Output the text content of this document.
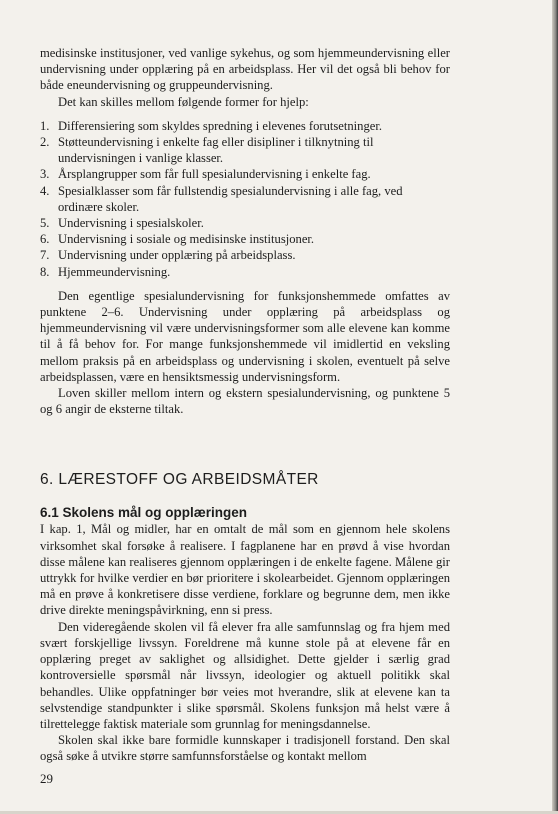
medisinske institusjoner, ved vanlige sykehus, og som hjemmeundervisning eller undervisning under opplæring på en arbeidsplass. Her vil det også bli behov for både eneundervisning og gruppeundervisning.

Det kan skilles mellom følgende former for hjelp:

1. Differensiering som skyldes spredning i elevenes forutsetninger.
2. Støtteundervisning i enkelte fag eller disipliner i tilknytning til undervisningen i vanlige klasser.
3. Årsplangrupper som får full spesialundervisning i enkelte fag.
4. Spesialklasser som får fullstendig spesialundervisning i alle fag, ved ordinære skoler.
5. Undervisning i spesialskoler.
6. Undervisning i sosiale og medisinske institusjoner.
7. Undervisning under opplæring på arbeidsplass.
8. Hjemmeundervisning.

Den egentlige spesialundervisning for funksjonshemmede omfattes av punktene 2–6. Undervisning under opplæring på arbeidsplass og hjemmeundervisning vil være undervisningsformer som alle elevene kan komme til å få behov for. For mange funksjonshemmede vil imidlertid en veksling mellom praksis på en arbeidsplass og undervisning i skolen, eventuelt på selve arbeidsplassen, være en hensiktsmessig undervisningsform.

Loven skiller mellom intern og ekstern spesialundervisning, og punktene 5 og 6 angir de eksterne tiltak.

6. LÆRESTOFF OG ARBEIDSMÅTER
6.1 Skolens mål og opplæringen

I kap. 1, Mål og midler, har en omtalt de mål som en gjennom hele skolens virksomhet skal forsøke å realisere. I fagplanene har en prøvd å vise hvordan disse målene kan realiseres gjennom opplæringen i de enkelte fagene. Målene gir uttrykk for hvilke verdier en bør prioritere i skolearbeidet. Gjennom opplæringen må en prøve å konkretisere disse verdiene, forklare og begrunne dem, men ikke drive direkte meningspåvirkning, enn si press.

Den videregående skolen vil få elever fra alle samfunnslag og fra hjem med svært forskjellige livssyn. Foreldrene må kunne stole på at elevene får en opplæring preget av saklighet og allsidighet. Dette gjelder i særlig grad kontroversielle spørsmål når livssyn, ideologier og aktuell politikk skal behandles. Ulike oppfatninger bør veies mot hverandre, slik at elevene kan ta selvstendige standpunkter i slike spørsmål. Skolens funksjon må helst være å tilrettelegge faktisk materiale som grunnlag for meningsdannelse.

Skolen skal ikke bare formidle kunnskaper i tradisjonell forstand. Den skal også søke å utvikre større samfunnsforståelse og kontakt mellom

29
